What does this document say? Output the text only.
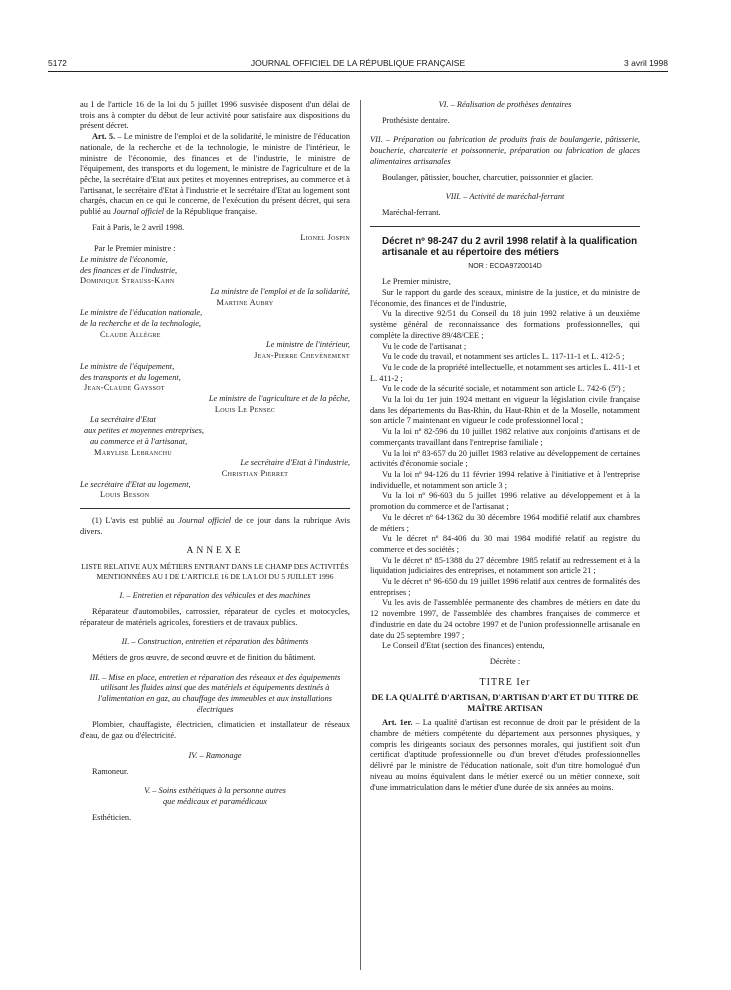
5172	JOURNAL OFFICIEL DE LA RÉPUBLIQUE FRANÇAISE	3 avril 1998

au I de l'article 16 de la loi du 5 juillet 1996 susvisée disposent d'un délai de trois ans à compter du début de leur activité pour satisfaire aux dispositions du présent décret.

Art. 5. – Le ministre de l'emploi et de la solidarité, le ministre de l'éducation nationale, de la recherche et de la technologie, le ministre de l'intérieur, le ministre de l'économie, des finances et de l'industrie, le ministre de l'équipement, des transports et du logement, le ministre de l'agriculture et de la pêche, la secrétaire d'Etat aux petites et moyennes entreprises, au commerce et à l'artisanat, le secrétaire d'Etat à l'industrie et le secrétaire d'Etat au logement sont chargés, chacun en ce qui le concerne, de l'exécution du présent décret, qui sera publié au Journal officiel de la République française.

Fait à Paris, le 2 avril 1998.

Lionel Jospin

Par le Premier ministre :

Le ministre de l'économie,

des finances et de l'industrie,

Dominique Strauss-Kahn

La ministre de l'emploi et de la solidarité,

Martine Aubry

Le ministre de l'éducation nationale,

de la recherche et de la technologie,

Claude Allègre

Le ministre de l'intérieur,

Jean-Pierre Chevènement

Le ministre de l'équipement,

des transports et du logement,

Jean-Claude Gayssot

Le ministre de l'agriculture et de la pêche,

Louis Le Pensec

La secrétaire d'Etat

aux petites et moyennes entreprises,

au commerce et à l'artisanat,

Marylise Lebranchu

Le secrétaire d'Etat à l'industrie,

Christian Pierret

Le secrétaire d'Etat au logement,

Louis Besson

(1) L'avis est publié au Journal officiel de ce jour dans la rubrique Avis divers.

ANNEXE

LISTE RELATIVE AUX MÉTIERS ENTRANT DANS LE CHAMP DES ACTIVITÉS MENTIONNÉES AU I DE L'ARTICLE 16 DE LA LOI DU 5 JUILLET 1996

I. – Entretien et réparation des véhicules et des machines

Réparateur d'automobiles, carrossier, réparateur de cycles et motocycles, réparateur de matériels agricoles, forestiers et de travaux publics.

II. – Construction, entretien et réparation des bâtiments

Métiers de gros œuvre, de second œuvre et de finition du bâtiment.

III. – Mise en place, entretien et réparation des réseaux et des équipements utilisant les fluides ainsi que des matériels et équipements destinés à l'alimentation en gaz, au chauffage des immeubles et aux installations électriques

Plombier, chauffagiste, électricien, climaticien et installateur de réseaux d'eau, de gaz ou d'électricité.

IV. – Ramonage

Ramoneur.

V. – Soins esthétiques à la personne autres

que médicaux et paramédicaux

Esthéticien.

VI. – Réalisation de prothèses dentaires

Prothésiste dentaire.

VII. – Préparation ou fabrication de produits frais de boulangerie, pâtisserie, boucherie, charcuterie et poissonnerie, préparation ou fabrication de glaces alimentaires artisanales

Boulanger, pâtissier, boucher, charcutier, poissonnier et glacier.

VIII. – Activité de maréchal-ferrant

Maréchal-ferrant.

Décret nº 98-247 du 2 avril 1998 relatif à la qualification artisanale et au répertoire des métiers

NOR : ECOA9720014D

Le Premier ministre,

Sur le rapport du garde des sceaux, ministre de la justice, et du ministre de l'économie, des finances et de l'industrie,

Vu la directive 92/51 du Conseil du 18 juin 1992 relative à un deuxième système général de reconnaissance des formations professionnelles, qui complète la directive 89/48/CEE ;

Vu le code de l'artisanat ;

Vu le code du travail, et notamment ses articles L. 117-11-1 et L. 412-5 ;

Vu le code de la propriété intellectuelle, et notamment ses articles L. 411-1 et L. 411-2 ;

Vu le code de la sécurité sociale, et notamment son article L. 742-6 (5º) ;

Vu la loi du 1er juin 1924 mettant en vigueur la législation civile française dans les départements du Bas-Rhin, du Haut-Rhin et de la Moselle, notamment son article 7 maintenant en vigueur le code professionnel local ;

Vu la loi nº 82-596 du 10 juillet 1982 relative aux conjoints d'artisans et de commerçants travaillant dans l'entreprise familiale ;

Vu la loi nº 83-657 du 20 juillet 1983 relative au développement de certaines activités d'économie sociale ;

Vu la loi nº 94-126 du 11 février 1994 relative à l'initiative et à l'entreprise individuelle, et notamment son article 3 ;

Vu la loi nº 96-603 du 5 juillet 1996 relative au développement et à la promotion du commerce et de l'artisanat ;

Vu le décret nº 64-1362 du 30 décembre 1964 modifié relatif aux chambres de métiers ;

Vu le décret nº 84-406 du 30 mai 1984 modifié relatif au registre du commerce et des sociétés ;

Vu le décret nº 85-1388 du 27 décembre 1985 relatif au redressement et à la liquidation judiciaires des entreprises, et notamment son article 21 ;

Vu le décret nº 96-650 du 19 juillet 1996 relatif aux centres de formalités des entreprises ;

Vu les avis de l'assemblée permanente des chambres de métiers en date du 12 novembre 1997, de l'assemblée des chambres françaises de commerce et d'industrie en date du 24 octobre 1997 et de l'union professionnelle artisanale en date du 25 septembre 1997 ;

Le Conseil d'Etat (section des finances) entendu,

Décrète :

TITRE Ier

DE LA QUALITÉ D'ARTISAN, D'ARTISAN D'ART ET DU TITRE DE MAÎTRE ARTISAN

Art. 1er. – La qualité d'artisan est reconnue de droit par le président de la chambre de métiers compétente du département aux personnes physiques, y compris les dirigeants sociaux des personnes morales, qui justifient soit d'un certificat d'aptitude professionnelle ou d'un brevet d'études professionnelles délivré par le ministre de l'éducation nationale, soit d'un titre homologué d'un niveau au moins équivalent dans le métier exercé ou un métier connexe, soit d'une immatriculation dans le métier d'une durée de six années au moins.
